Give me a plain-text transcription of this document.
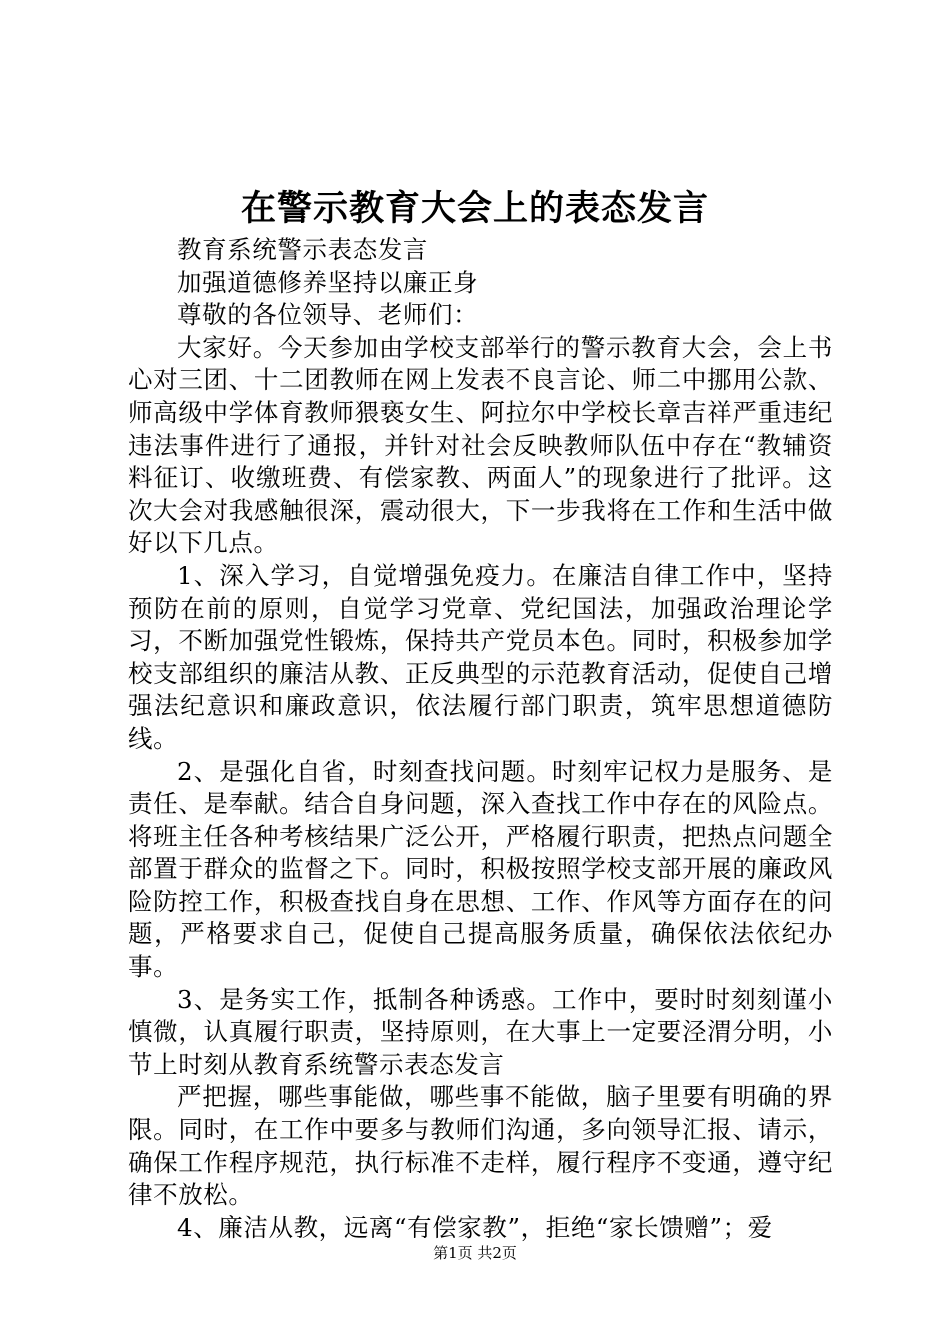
在警示教育大会上的表态发言

教育系统警示表态发言

加强道德修养坚持以廉正身

尊敬的各位领导、老师们：

大家好。今天参加由学校支部举行的警示教育大会，会上书心对三团、十二团教师在网上发表不良言论、师二中挪用公款、师高级中学体育教师猥亵女生、阿拉尔中学校长章吉祥严重违纪违法事件进行了通报，并针对社会反映教师队伍中存在“教辅资料征订、收缴班费、有偿家教、两面人”的现象进行了批评。这次大会对我感触很深，震动很大，下一步我将在工作和生活中做好以下几点。

1、深入学习，自觉增强免疫力。在廉洁自律工作中，坚持预防在前的原则，自觉学习党章、党纪国法，加强政治理论学习，不断加强党性锻炼，保持共产党员本色。同时，积极参加学校支部组织的廉洁从教、正反典型的示范教育活动，促使自己增强法纪意识和廉政意识，依法履行部门职责，筑牢思想道德防线。

2、是强化自省，时刻查找问题。时刻牢记权力是服务、是责任、是奉献。结合自身问题，深入查找工作中存在的风险点。将班主任各种考核结果广泛公开，严格履行职责，把热点问题全部置于群众的监督之下。同时，积极按照学校支部开展的廉政风险防控工作，积极查找自身在思想、工作、作风等方面存在的问题，严格要求自己，促使自己提高服务质量，确保依法依纪办事。

3、是务实工作，抵制各种诱惑。工作中，要时时刻刻谨小慎微，认真履行职责，坚持原则，在大事上一定要泾渭分明，小节上时刻从教育系统警示表态发言

严把握，哪些事能做，哪些事不能做，脑子里要有明确的界限。同时，在工作中要多与教师们沟通，多向领导汇报、请示，确保工作程序规范，执行标准不走样，履行程序不变通，遵守纪律不放松。

4、廉洁从教，远离“有偿家教”，拒绝“家长馈赠”；爱

第1页 共2页
